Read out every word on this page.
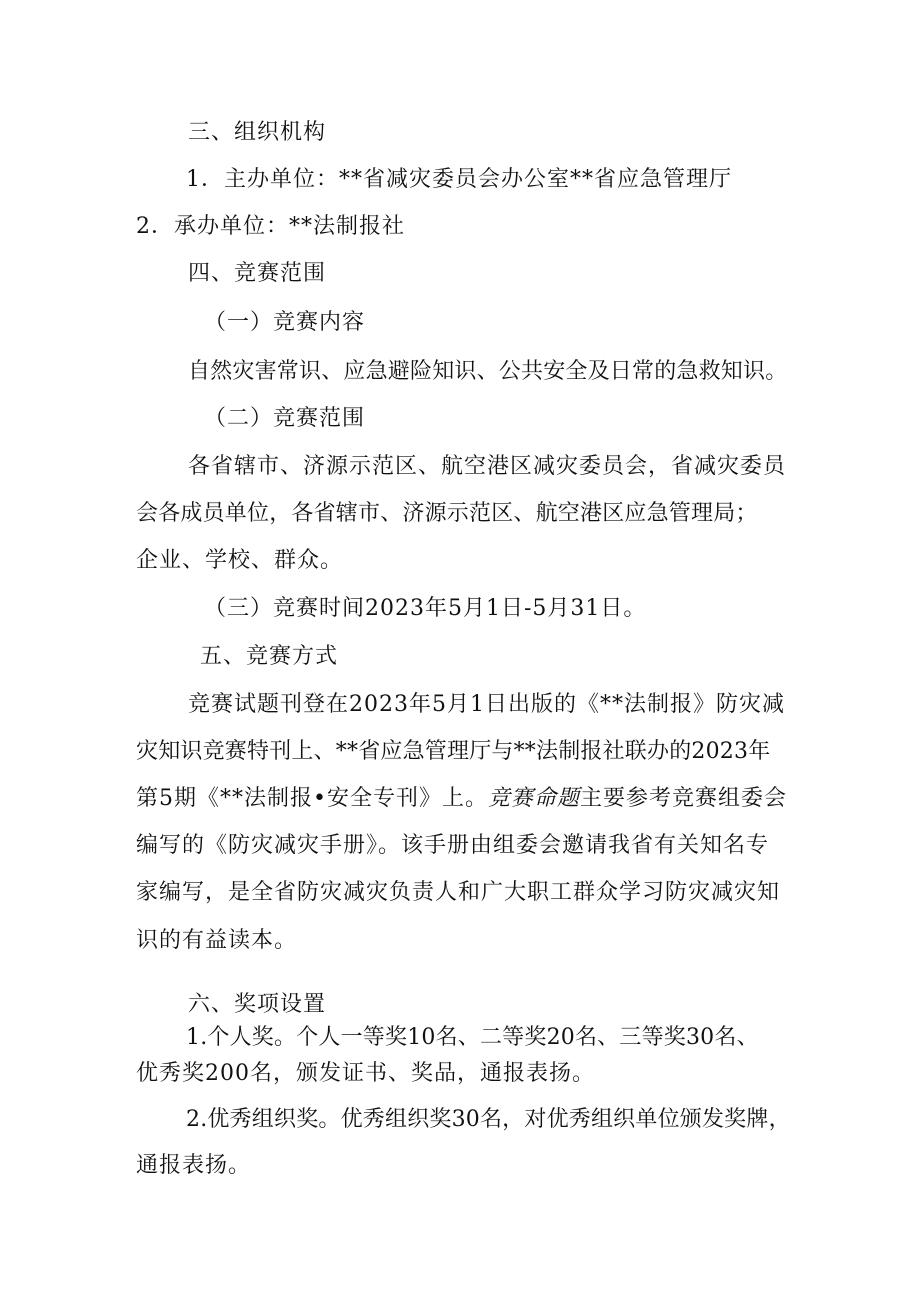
三、组织机构

1．主办单位：**省减灾委员会办公室**省应急管理厅

2．承办单位：**法制报社

四、竞赛范围

（一）竞赛内容

自然灾害常识、应急避险知识、公共安全及日常的急救知识。

（二）竞赛范围

各省辖市、济源示范区、航空港区减灾委员会，省减灾委员

会各成员单位，各省辖市、济源示范区、航空港区应急管理局；

企业、学校、群众。

（三）竞赛时间2023年5月1日-5月31日。

五、竞赛方式

竞赛试题刊登在2023年5月1日出版的《**法制报》防灾减

灾知识竞赛特刊上、**省应急管理厅与**法制报社联办的2023年

第5期《**法制报•安全专刊》上。竞赛命题主要参考竞赛组委会

编写的《防灾减灾手册》。该手册由组委会邀请我省有关知名专

家编写，是全省防灾减灾负责人和广大职工群众学习防灾减灾知

识的有益读本。

六、奖项设置

1.个人奖。个人一等奖10名、二等奖20名、三等奖30名、

优秀奖200名，颁发证书、奖品，通报表扬。

2.优秀组织奖。优秀组织奖30名，对优秀组织单位颁发奖牌，

通报表扬。
